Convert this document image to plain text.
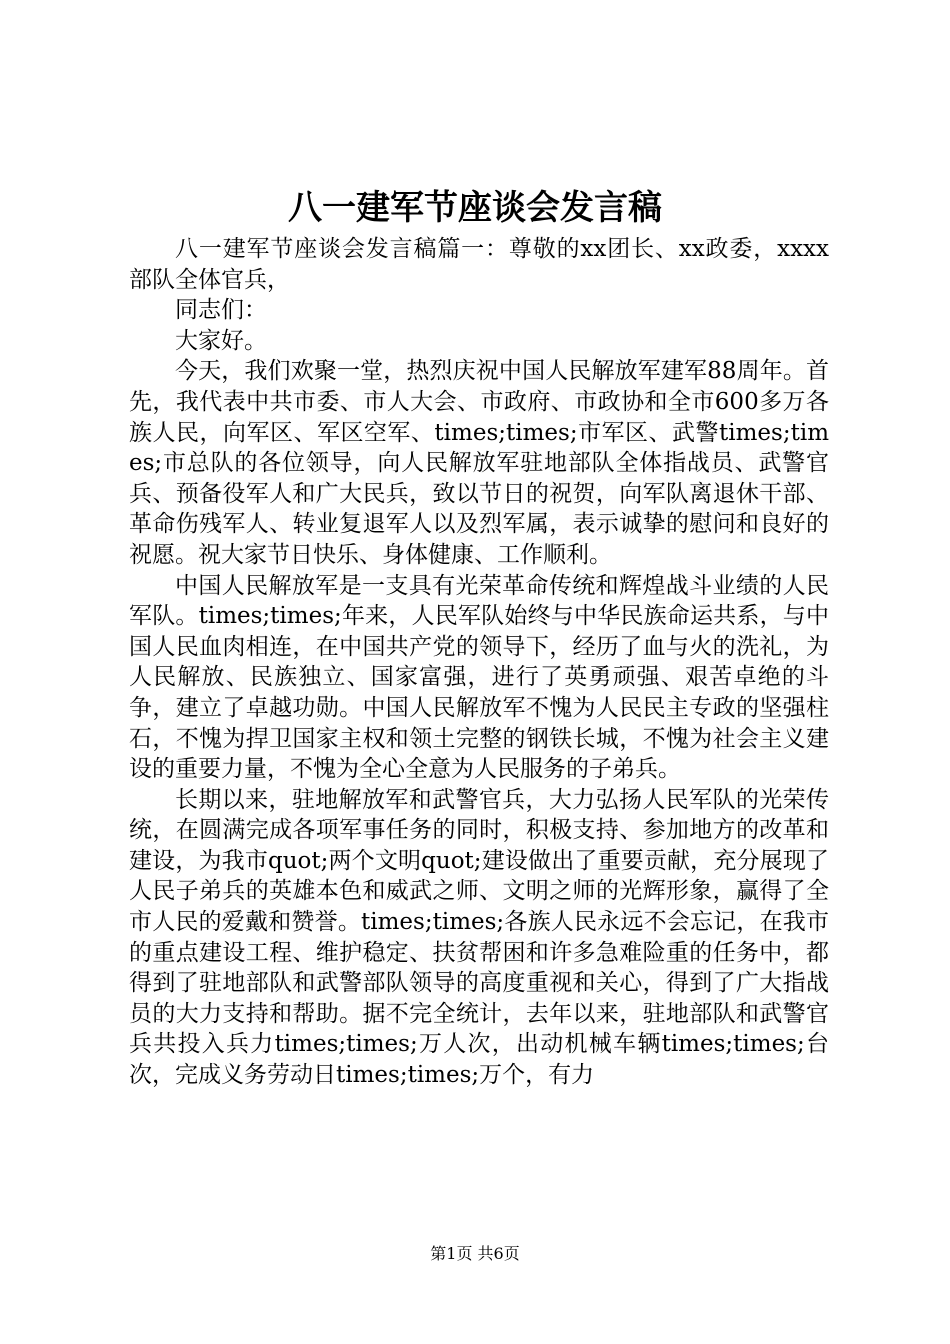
八一建军节座谈会发言稿

八一建军节座谈会发言稿篇一：尊敬的xx团长、xx政委，xxxx部队全体官兵，

同志们：

大家好。

今天，我们欢聚一堂，热烈庆祝中国人民解放军建军88周年。首先，我代表中共市委、市人大会、市政府、市政协和全市600多万各族人民，向军区、军区空军、times;times;市军区、武警times;times;市总队的各位领导，向人民解放军驻地部队全体指战员、武警官兵、预备役军人和广大民兵，致以节日的祝贺，向军队离退休干部、革命伤残军人、转业复退军人以及烈军属，表示诚挚的慰问和良好的祝愿。祝大家节日快乐、身体健康、工作顺利。

中国人民解放军是一支具有光荣革命传统和辉煌战斗业绩的人民军队。times;times;年来，人民军队始终与中华民族命运共系，与中国人民血肉相连，在中国共产党的领导下，经历了血与火的洗礼，为人民解放、民族独立、国家富强，进行了英勇顽强、艰苦卓绝的斗争，建立了卓越功勋。中国人民解放军不愧为人民民主专政的坚强柱石，不愧为捍卫国家主权和领土完整的钢铁长城，不愧为社会主义建设的重要力量，不愧为全心全意为人民服务的子弟兵。

长期以来，驻地解放军和武警官兵，大力弘扬人民军队的光荣传统，在圆满完成各项军事任务的同时，积极支持、参加地方的改革和建设，为我市quot;两个文明quot;建设做出了重要贡献，充分展现了人民子弟兵的英雄本色和威武之师、文明之师的光辉形象，赢得了全市人民的爱戴和赞誉。times;times;各族人民永远不会忘记，在我市的重点建设工程、维护稳定、扶贫帮困和许多急难险重的任务中，都得到了驻地部队和武警部队领导的高度重视和关心，得到了广大指战员的大力支持和帮助。据不完全统计，去年以来，驻地部队和武警官兵共投入兵力times;times;万人次，出动机械车辆times;times;台次，完成义务劳动日times;times;万个，有力

第1页 共6页
